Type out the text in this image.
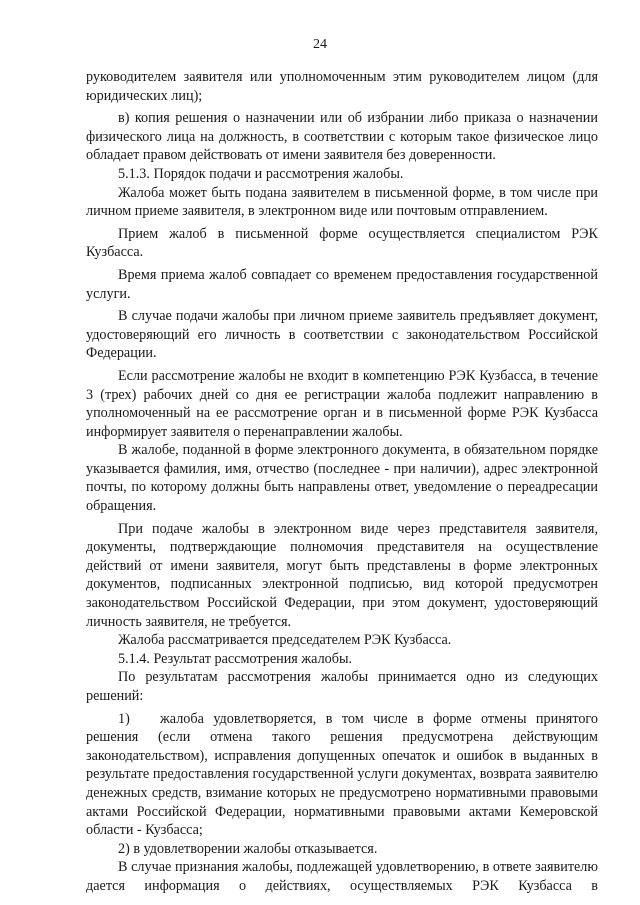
24

руководителем заявителя или уполномоченным этим руководителем лицом (для юридических лиц);

в) копия решения о назначении или об избрании либо приказа о назначении физического лица на должность, в соответствии с которым такое физическое лицо обладает правом действовать от имени заявителя без доверенности.

5.1.3. Порядок подачи и рассмотрения жалобы.

Жалоба может быть подана заявителем в письменной форме, в том числе при личном приеме заявителя, в электронном виде или почтовым отправлением.

Прием жалоб в письменной форме осуществляется специалистом РЭК Кузбасса.

Время приема жалоб совпадает со временем предоставления государственной услуги.

В случае подачи жалобы при личном приеме заявитель предъявляет документ, удостоверяющий его личность в соответствии с законодательством Российской Федерации.

Если рассмотрение жалобы не входит в компетенцию РЭК Кузбасса, в течение 3 (трех) рабочих дней со дня ее регистрации жалоба подлежит направлению в уполномоченный на ее рассмотрение орган и в письменной форме РЭК Кузбасса информирует заявителя о перенаправлении жалобы.

В жалобе, поданной в форме электронного документа, в обязательном порядке указывается фамилия, имя, отчество (последнее - при наличии), адрес электронной почты, по которому должны быть направлены ответ, уведомление о переадресации обращения.

При подаче жалобы в электронном виде через представителя заявителя, документы, подтверждающие полномочия представителя на осуществление действий от имени заявителя, могут быть представлены в форме электронных документов, подписанных электронной подписью, вид которой предусмотрен законодательством Российской Федерации, при этом документ, удостоверяющий личность заявителя, не требуется.

Жалоба рассматривается председателем РЭК Кузбасса.

5.1.4. Результат рассмотрения жалобы.

По результатам рассмотрения жалобы принимается одно из следующих решений:

1) жалоба удовлетворяется, в том числе в форме отмены принятого решения (если отмена такого решения предусмотрена действующим законодательством), исправления допущенных опечаток и ошибок в выданных в результате предоставления государственной услуги документах, возврата заявителю денежных средств, взимание которых не предусмотрено нормативными правовыми актами Российской Федерации, нормативными правовыми актами Кемеровской области - Кузбасса;

2) в удовлетворении жалобы отказывается.

В случае признания жалобы, подлежащей удовлетворению, в ответе заявителю дается информация о действиях, осуществляемых РЭК Кузбасса в
